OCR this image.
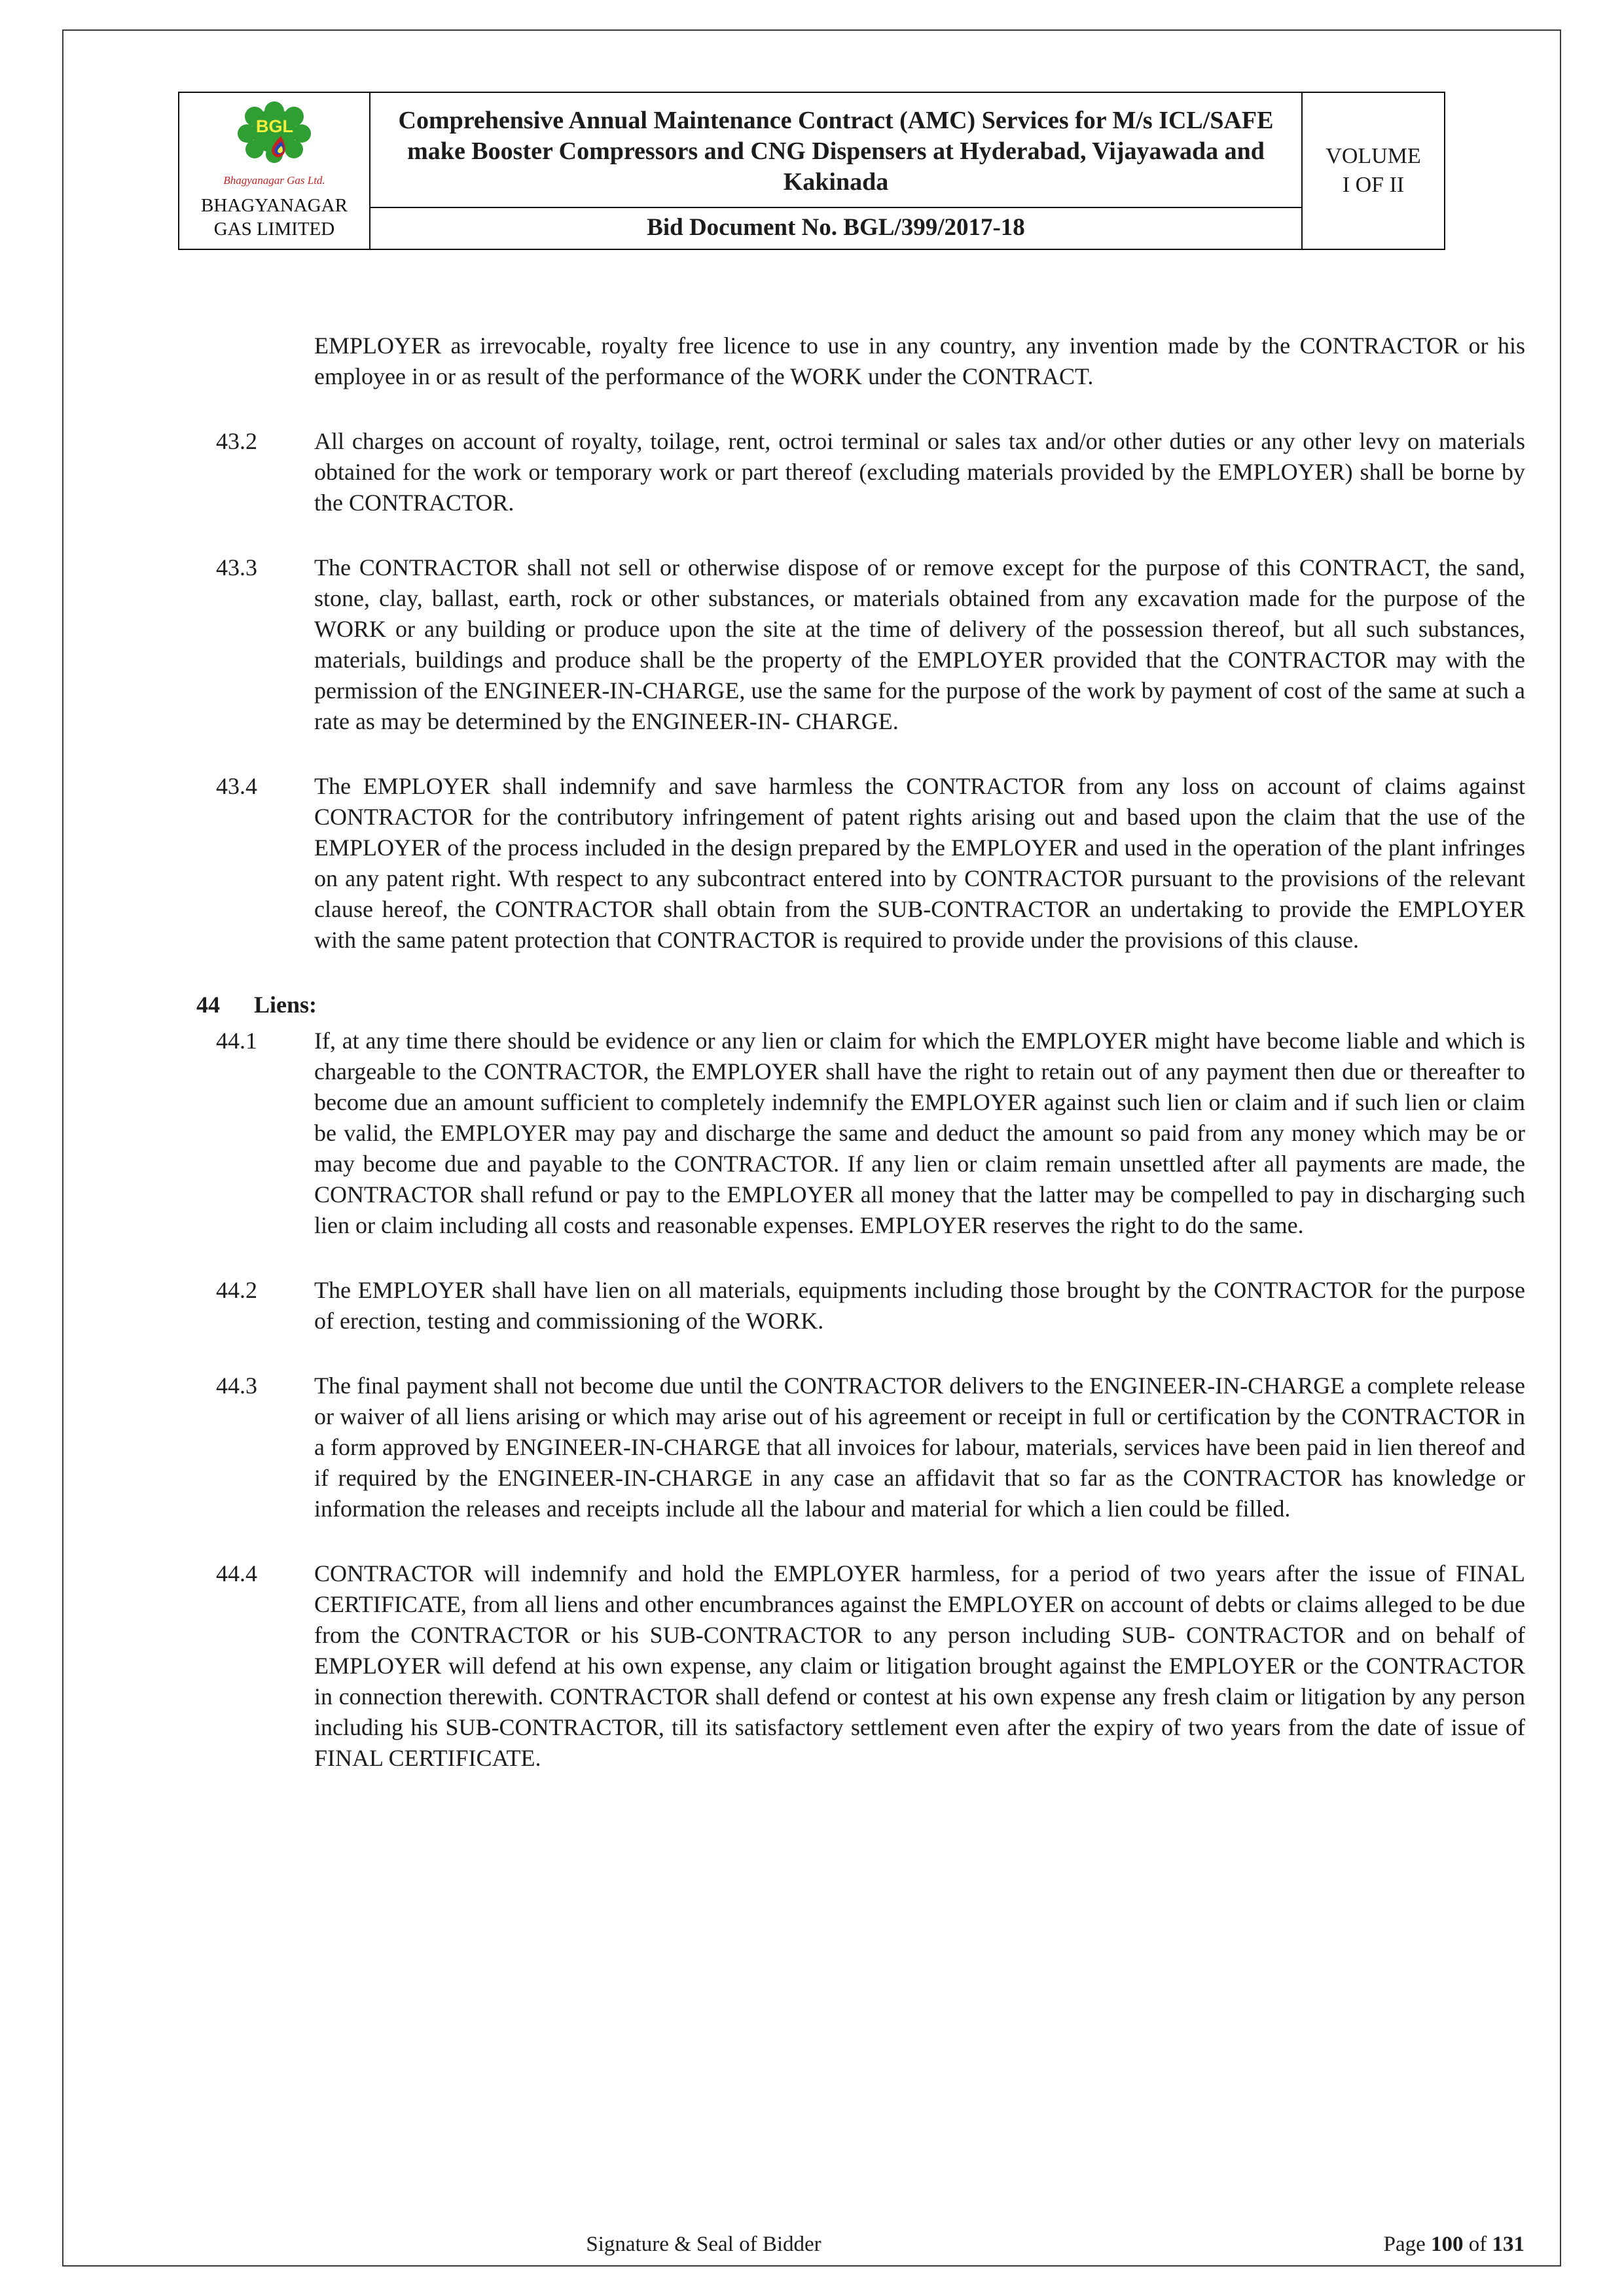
BGL
Bhagyanagar Gas Ltd.
BHAGYANAGAR
GAS LIMITED
Comprehensive Annual Maintenance Contract (AMC) Services for M/s ICL/SAFE make Booster Compressors and CNG Dispensers at Hyderabad, Vijayawada and Kakinada
Bid Document No. BGL/399/2017-18
VOLUME
I OF II

EMPLOYER as irrevocable, royalty free licence to use in any country, any invention made by the CONTRACTOR or his employee in or as result of the performance of the WORK under the CONTRACT.

43.2	All charges on account of royalty, toilage, rent, octroi terminal or sales tax and/or other duties or any other levy on materials obtained for the work or temporary work or part thereof (excluding materials provided by the EMPLOYER) shall be borne by the CONTRACTOR.
43.3	The CONTRACTOR shall not sell or otherwise dispose of or remove except for the purpose of this CONTRACT, the sand, stone, clay, ballast, earth, rock or other substances, or materials obtained from any excavation made for the purpose of the WORK or any building or produce upon the site at the time of delivery of the possession thereof, but all such substances, materials, buildings and produce shall be the property of the EMPLOYER provided that the CONTRACTOR may with the permission of the ENGINEER-IN-CHARGE, use the same for the purpose of the work by payment of cost of the same at such a rate as may be determined by the ENGINEER-IN- CHARGE.
43.4	The EMPLOYER shall indemnify and save harmless the CONTRACTOR from any loss on account of claims against CONTRACTOR for the contributory infringement of patent rights arising out and based upon the claim that the use of the EMPLOYER of the process included in the design prepared by the EMPLOYER and used in the operation of the plant infringes on any patent right. Wth respect to any subcontract entered into by CONTRACTOR pursuant to the provisions of the relevant clause hereof, the CONTRACTOR shall obtain from the SUB-CONTRACTOR an undertaking to provide the EMPLOYER with the same patent protection that CONTRACTOR is required to provide under the provisions of this clause.
44	Liens:
44.1	If, at any time there should be evidence or any lien or claim for which the EMPLOYER might have become liable and which is chargeable to the CONTRACTOR, the EMPLOYER shall have the right to retain out of any payment then due or thereafter to become due an amount sufficient to completely indemnify the EMPLOYER against such lien or claim and if such lien or claim be valid, the EMPLOYER may pay and discharge the same and deduct the amount so paid from any money which may be or may become due and payable to the CONTRACTOR. If any lien or claim remain unsettled after all payments are made, the CONTRACTOR shall refund or pay to the EMPLOYER all money that the latter may be compelled to pay in discharging such lien or claim including all costs and reasonable expenses. EMPLOYER reserves the right to do the same.
44.2	The EMPLOYER shall have lien on all materials, equipments including those brought by the CONTRACTOR for the purpose of erection, testing and commissioning of the WORK.
44.3	The final payment shall not become due until the CONTRACTOR delivers to the ENGINEER-IN-CHARGE a complete release or waiver of all liens arising or which may arise out of his agreement or receipt in full or certification by the CONTRACTOR in a form approved by ENGINEER-IN-CHARGE that all invoices for labour, materials, services have been paid in lien thereof and if required by the ENGINEER-IN-CHARGE in any case an affidavit that so far as the CONTRACTOR has knowledge or information the releases and receipts include all the labour and material for which a lien could be filled.
44.4	CONTRACTOR will indemnify and hold the EMPLOYER harmless, for a period of two years after the issue of FINAL CERTIFICATE, from all liens and other encumbrances against the EMPLOYER on account of debts or claims alleged to be due from the CONTRACTOR or his SUB-CONTRACTOR to any person including SUB- CONTRACTOR and on behalf of EMPLOYER will defend at his own expense, any claim or litigation brought against the EMPLOYER or the CONTRACTOR in connection therewith. CONTRACTOR shall defend or contest at his own expense any fresh claim or litigation by any person including his SUB-CONTRACTOR, till its satisfactory settlement even after the expiry of two years from the date of issue of FINAL CERTIFICATE.
Signature & Seal of Bidder	Page 100 of 131
